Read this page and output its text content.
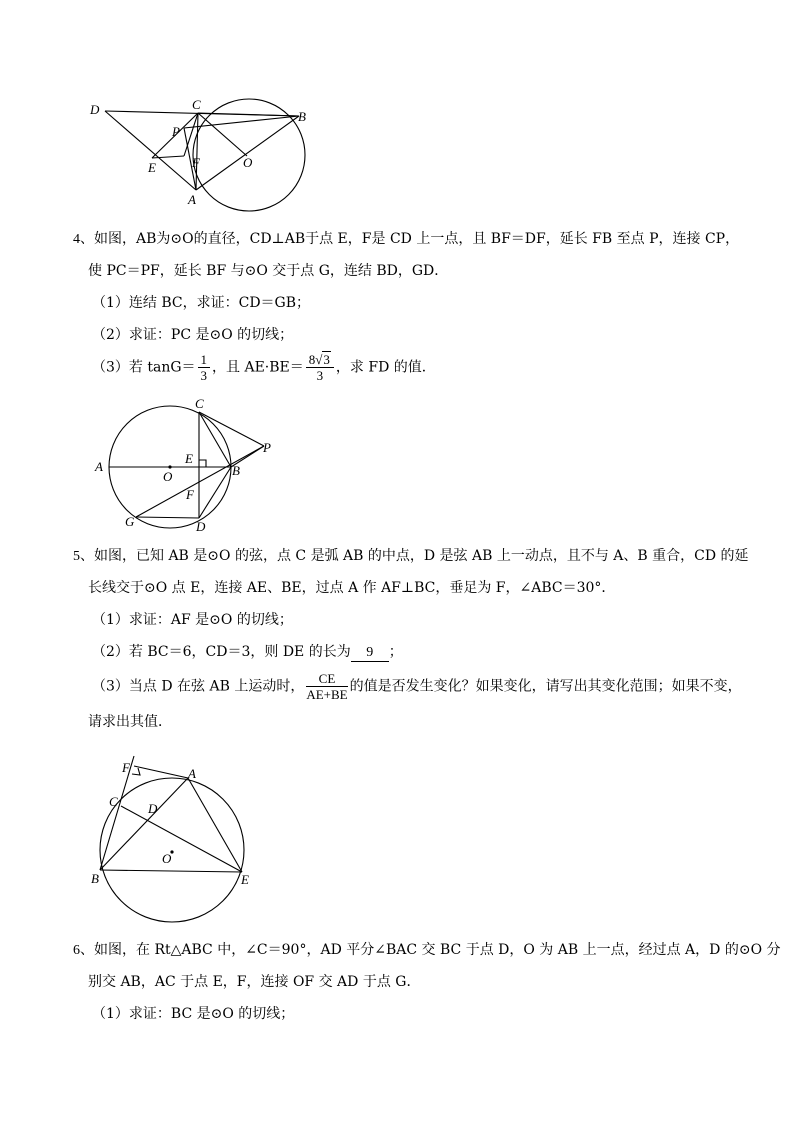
D	C
B
P
E	F	O
A
4、如图，AB为⊙O的直径，CD⊥AB于点 E，F是 CD 上一点，且 BF＝DF，延长 FB 至点 P，连接 CP，
使 PC＝PF，延长 BF 与⊙O 交于点 G，连结 BD，GD．
（1）连结 BC，求证：CD＝GB；
（2）求证：PC 是⊙O 的切线；
（3）若 $\tan G= \frac{1}{3}$ ，且 $AE\cdot BE= \frac{8√3}{3}$ ，求 FD 的值．
C
P
A
E
B
O
F
G	D
5、如图，已知 AB 是⊙O 的弦，点 C 是弧 AB 的中点，D 是弦 AB 上一动点，且不与 A、B 重合，CD 的延
长线交于⊙O 点 E，连接 AE、BE，过点 A 作 AF⊥BC，垂足为 F，∠ABC＝30°．
（1）求证：AF 是⊙O 的切线；
（2）若 BC＝6，CD＝3，则 DE 的长为 9 ；
（3）当点 D 在弦 AB 上运动时， $\frac{CE}{AE+BE}$ 的值是否发生变化？如果变化，请写出其变化范围；如果不变，
请求出其值．
F	A
C D
O
B	E
6、如图，在 Rt△ABC 中，∠C＝90°，AD 平分∠BAC 交 BC 于点 D，O 为 AB 上一点，经过点 A，D 的⊙O 分
别交 AB，AC 于点 E，F，连接 OF 交 AD 于点 G．
（1）求证：BC 是⊙O 的切线；
